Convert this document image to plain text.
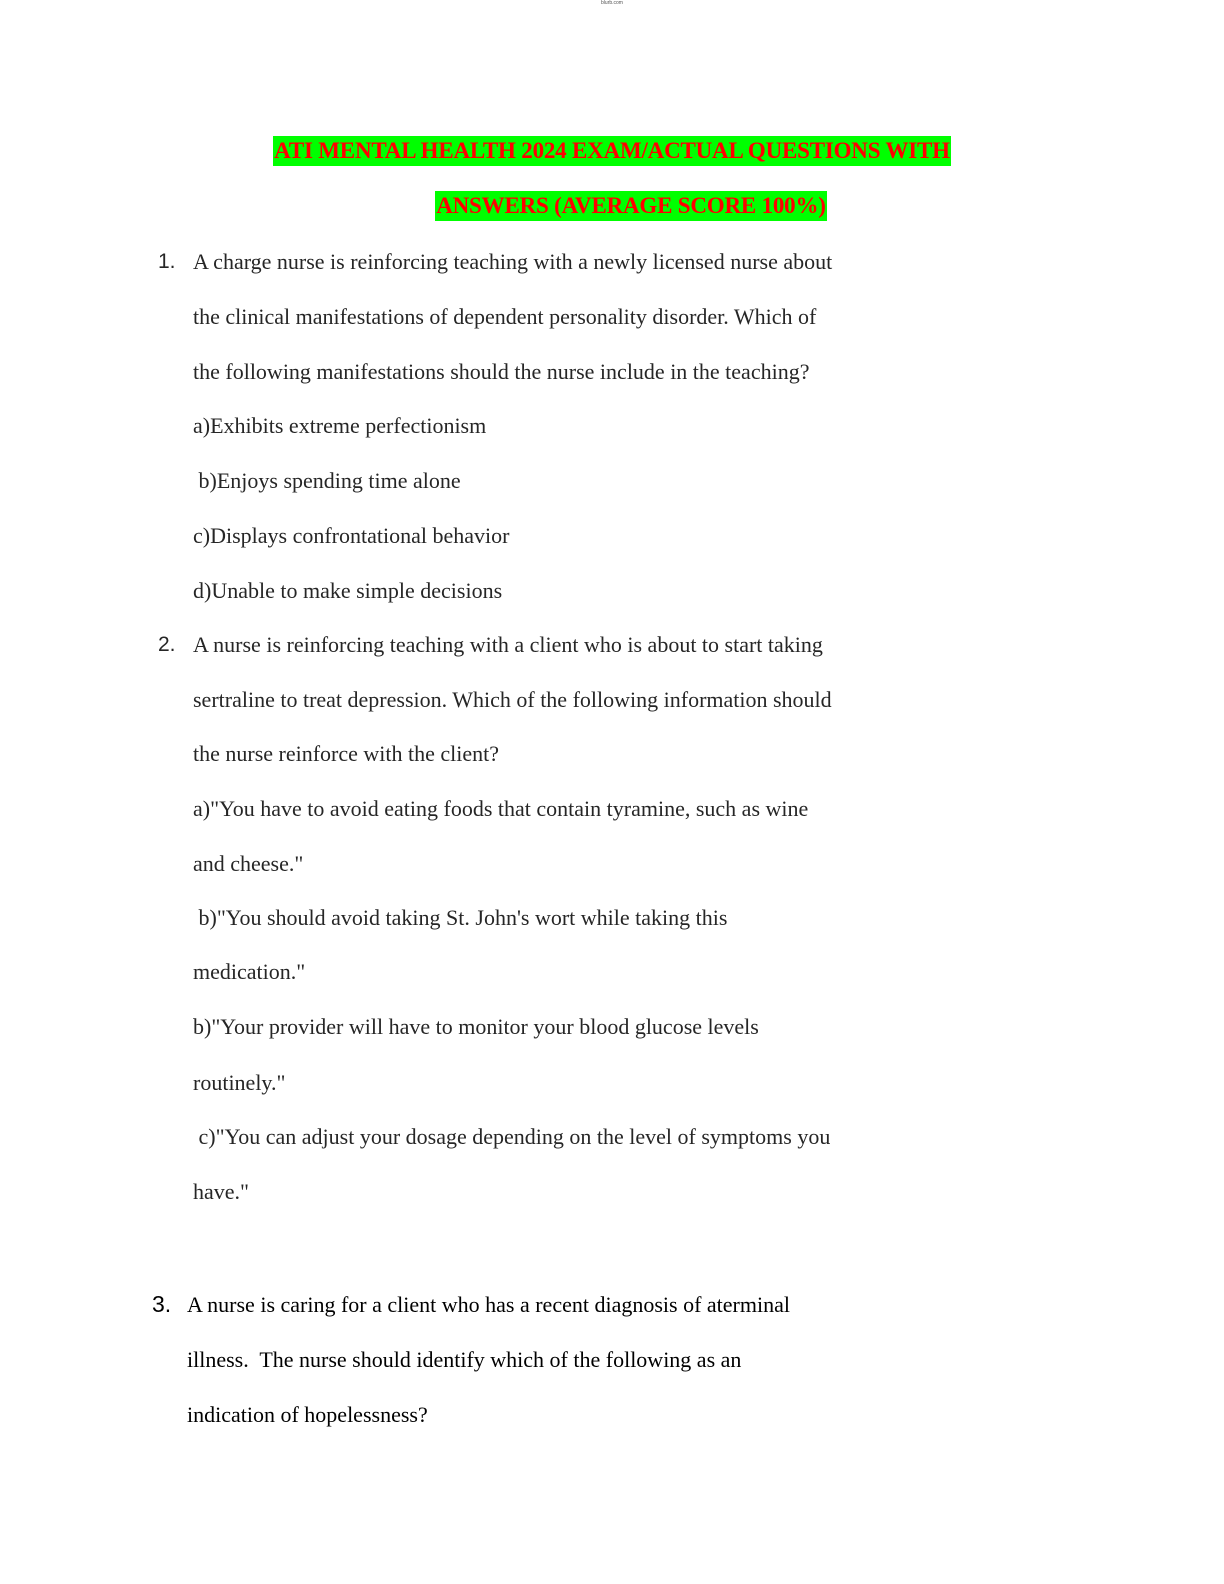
blurb.com
ATI MENTAL HEALTH 2024 EXAM/ACTUAL QUESTIONS WITH
ANSWERS (AVERAGE SCORE 100%)
1. A charge nurse is reinforcing teaching with a newly licensed nurse about
the clinical manifestations of dependent personality disorder. Which of
the following manifestations should the nurse include in the teaching?
a)Exhibits extreme perfectionism
b)Enjoys spending time alone
c)Displays confrontational behavior
d)Unable to make simple decisions
2. A nurse is reinforcing teaching with a client who is about to start taking
sertraline to treat depression. Which of the following information should
the nurse reinforce with the client?
a)"You have to avoid eating foods that contain tyramine, such as wine
and cheese."
b)"You should avoid taking St. John's wort while taking this
medication."
b)"Your provider will have to monitor your blood glucose levels
routinely."
c)"You can adjust your dosage depending on the level of symptoms you
have."
3. A nurse is caring for a client who has a recent diagnosis of aterminal
illness.  The nurse should identify which of the following as an
indication of hopelessness?
